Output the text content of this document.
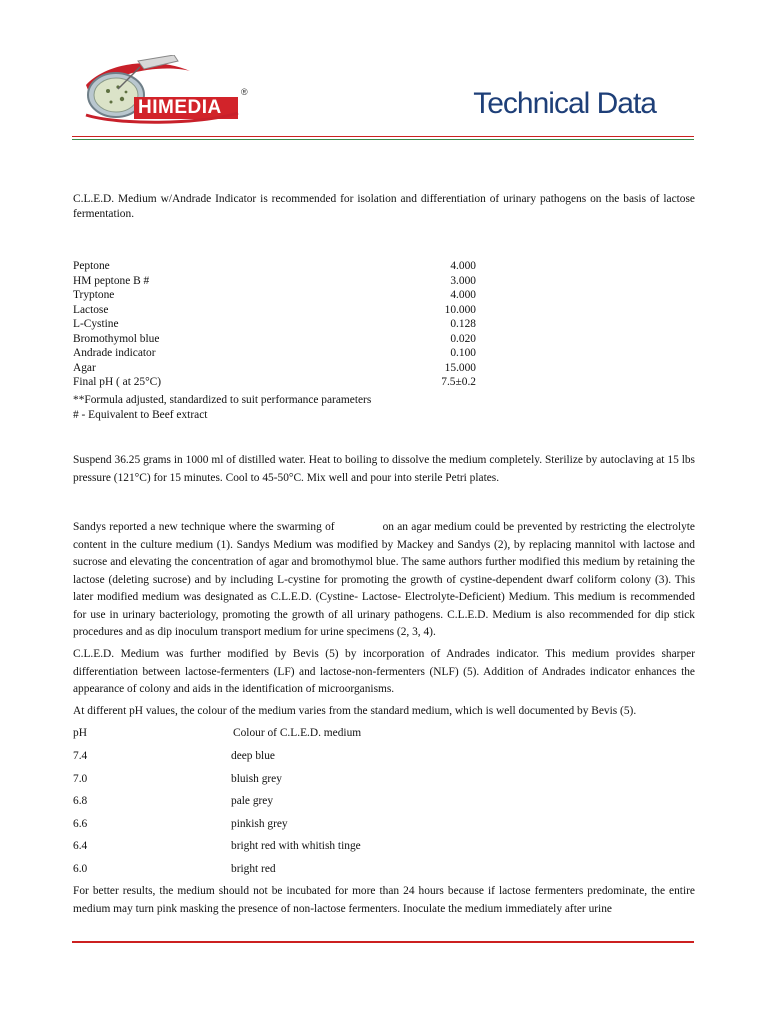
HIMEDIA
®	Technical Data

C.L.E.D. Medium w/Andrade Indicator is recommended for isolation and differentiation of urinary pathogens on the basis of lactose fermentation.

Peptone	4.000
HM peptone B #	3.000
Tryptone	4.000
Lactose	10.000
L-Cystine	0.128
Bromothymol blue	0.020
Andrade indicator	0.100
Agar	15.000
Final pH ( at 25°C)	7.5±0.2
**Formula adjusted, standardized to suit performance parameters
# - Equivalent to Beef extract

Suspend 36.25 grams in 1000 ml of distilled water. Heat to boiling to dissolve the medium completely. Sterilize by autoclaving at 15 lbs pressure (121°C) for 15 minutes. Cool to 45-50°C. Mix well and pour into sterile Petri plates.

Sandys reported a new technique where the swarming of	on an agar medium could be prevented by restricting the electrolyte content in the culture medium (1). Sandys Medium was modified by Mackey and Sandys (2), by replacing mannitol with lactose and sucrose and elevating the concentration of agar and bromothymol blue. The same authors further modified this medium by retaining the lactose (deleting sucrose) and by including L-cystine for promoting the growth of cystine-dependent dwarf coliform colony (3). This later modified medium was designated as C.L.E.D. (Cystine- Lactose- Electrolyte-Deficient) Medium. This medium is recommended for use in urinary bacteriology, promoting the growth of all urinary pathogens. C.L.E.D. Medium is also recommended for dip stick procedures and as dip inoculum transport medium for urine specimens (2, 3, 4).

C.L.E.D. Medium was further modified by Bevis (5) by incorporation of Andrades indicator. This medium provides sharper differentiation between lactose-fermenters (LF) and lactose-non-fermenters (NLF) (5). Addition of Andrades indicator enhances the appearance of colony and aids in the identification of microorganisms.

At different pH values, the colour of the medium varies from the standard medium, which is well documented by Bevis (5).

pH	Colour of C.L.E.D. medium
7.4	deep blue
7.0	bluish grey
6.8	pale grey
6.6	pinkish grey
6.4	bright red with whitish tinge
6.0	bright red

For better results, the medium should not be incubated for more than 24 hours because if lactose fermenters predominate, the entire medium may turn pink masking the presence of non-lactose fermenters. Inoculate the medium immediately after urine
